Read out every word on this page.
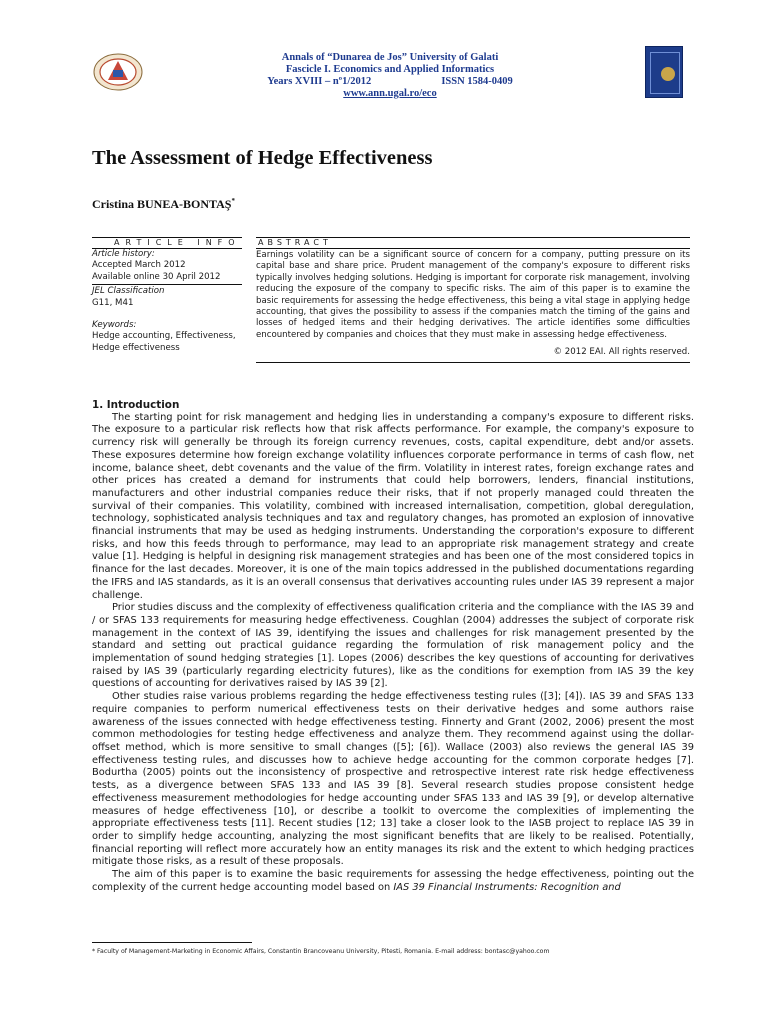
Annals of “Dunarea de Jos” University of Galati
Fascicle I. Economics and Applied Informatics
Years XVIII – nº1/2012	ISSN 1584-0409
www.ann.ugal.ro/eco
The Assessment of Hedge Effectiveness
Cristina BUNEA-BONTAŞ*
ARTICLE INFO
Article history:
Accepted March 2012
Available online 30 April 2012
JEL Classification
G11, M41
Keywords:
Hedge accounting, Effectiveness,
Hedge effectiveness
ABSTRACT
Earnings volatility can be a significant source of concern for a company, putting pressure on its capital base and share price. Prudent management of the company's exposure to different risks typically involves hedging solutions. Hedging is important for corporate risk management, involving reducing the exposure of the company to specific risks. The aim of this paper is to examine the basic requirements for assessing the hedge effectiveness, this being a vital stage in applying hedge accounting, that gives the possibility to assess if the companies match the timing of the gains and losses of hedged items and their hedging derivatives. The article identifies some difficulties encountered by companies and choices that they must make in assessing hedge effectiveness.
© 2012 EAI. All rights reserved.
1. Introduction

The starting point for risk management and hedging lies in understanding a company's exposure to different risks. The exposure to a particular risk reflects how that risk affects performance. For example, the company's exposure to currency risk will generally be through its foreign currency revenues, costs, capital expenditure, debt and/or assets. These exposures determine how foreign exchange volatility influences corporate performance in terms of cash flow, net income, balance sheet, debt covenants and the value of the firm. Volatility in interest rates, foreign exchange rates and other prices has created a demand for instruments that could help borrowers, lenders, financial institutions, manufacturers and other industrial companies reduce their risks, that if not properly managed could threaten the survival of their companies. This volatility, combined with increased internalisation, competition, global deregulation, technology, sophisticated analysis techniques and tax and regulatory changes, has promoted an explosion of innovative financial instruments that may be used as hedging instruments. Understanding the corporation's exposure to different risks, and how this feeds through to performance, may lead to an appropriate risk management strategy and create value [1]. Hedging is helpful in designing risk management strategies and has been one of the most considered topics in finance for the last decades. Moreover, it is one of the main topics addressed in the published documentations regarding the IFRS and IAS standards, as it is an overall consensus that derivatives accounting rules under IAS 39 represent a major challenge.

Prior studies discuss and the complexity of effectiveness qualification criteria and the compliance with the IAS 39 and / or SFAS 133 requirements for measuring hedge effectiveness. Coughlan (2004) addresses the subject of corporate risk management in the context of IAS 39, identifying the issues and challenges for risk management presented by the standard and setting out practical guidance regarding the formulation of risk management policy and the implementation of sound hedging strategies [1]. Lopes (2006) describes the key questions of accounting for derivatives raised by IAS 39 (particularly regarding electricity futures), like as the conditions for exemption from IAS 39 the key questions of accounting for derivatives raised by IAS 39 [2].

Other studies raise various problems regarding the hedge effectiveness testing rules ([3]; [4]). IAS 39 and SFAS 133 require companies to perform numerical effectiveness tests on their derivative hedges and some authors raise awareness of the issues connected with hedge effectiveness testing. Finnerty and Grant (2002, 2006) present the most common methodologies for testing hedge effectiveness and analyze them. They recommend against using the dollar-offset method, which is more sensitive to small changes ([5]; [6]). Wallace (2003) also reviews the general IAS 39 effectiveness testing rules, and discusses how to achieve hedge accounting for the common corporate hedges [7]. Bodurtha (2005) points out the inconsistency of prospective and retrospective interest rate risk hedge effectiveness tests, as a divergence between SFAS 133 and IAS 39 [8]. Several research studies propose consistent hedge effectiveness measurement methodologies for hedge accounting under SFAS 133 and IAS 39 [9], or develop alternative measures of hedge effectiveness [10], or describe a toolkit to overcome the complexities of implementing the appropriate effectiveness tests [11]. Recent studies [12; 13] take a closer look to the IASB project to replace IAS 39 in order to simplify hedge accounting, analyzing the most significant benefits that are likely to be realised. Potentially, financial reporting will reflect more accurately how an entity manages its risk and the extent to which hedging practices mitigate those risks, as a result of these proposals.

The aim of this paper is to examine the basic requirements for assessing the hedge effectiveness, pointing out the complexity of the current hedge accounting model based on IAS 39 Financial Instruments: Recognition and

* Faculty of Management-Marketing in Economic Affairs, Constantin Brancoveanu University, Pitesti, Romania. E-mail address: bontasc@yahoo.com
